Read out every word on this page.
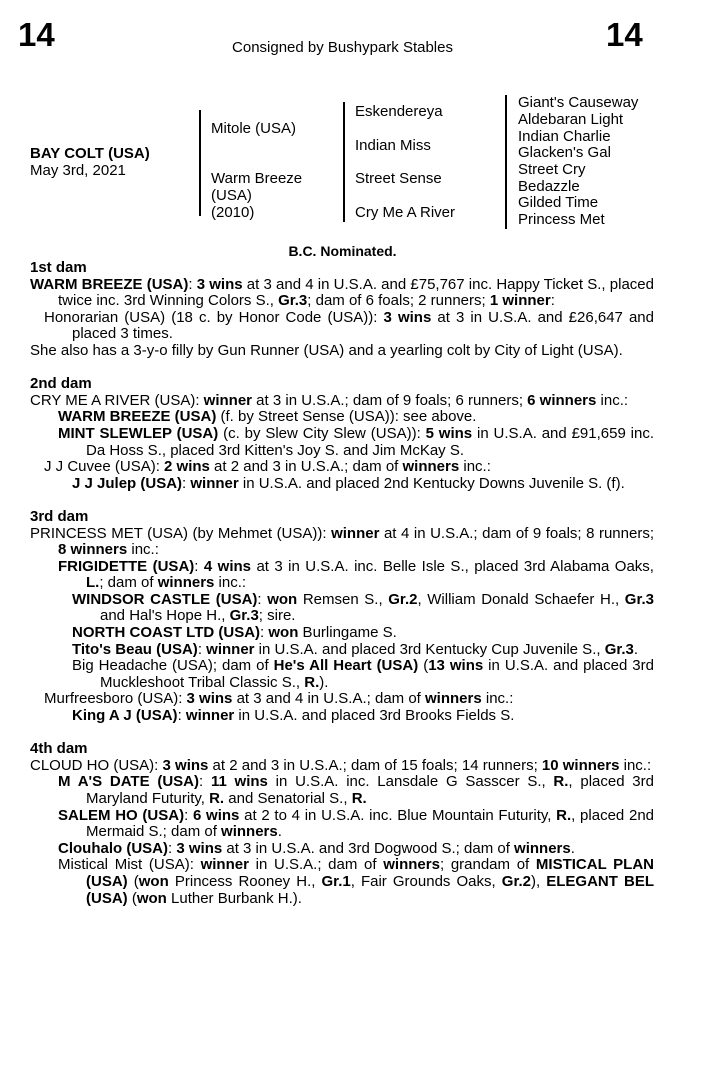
14	Consigned by Bushypark Stables	14
BAY COLT (USA)
May 3rd, 2021
Mitole (USA)
Warm Breeze
(USA)
(2010)
Eskendereya
Indian Miss
Street Sense
Cry Me A River
Giant's Causeway
Aldebaran Light
Indian Charlie
Glacken's Gal
Street Cry
Bedazzle
Gilded Time
Princess Met
B.C. Nominated.
1st dam
WARM BREEZE (USA): 3 wins at 3 and 4 in U.S.A. and £75,767 inc. Happy Ticket S., placed twice inc. 3rd Winning Colors S., Gr.3; dam of 6 foals; 2 runners; 1 winner:
Honorarian (USA) (18 c. by Honor Code (USA)): 3 wins at 3 in U.S.A. and £26,647 and placed 3 times.
She also has a 3-y-o filly by Gun Runner (USA) and a yearling colt by City of Light (USA).
2nd dam
CRY ME A RIVER (USA): winner at 3 in U.S.A.; dam of 9 foals; 6 runners; 6 winners inc.:
WARM BREEZE (USA) (f. by Street Sense (USA)): see above.
MINT SLEWLEP (USA) (c. by Slew City Slew (USA)): 5 wins in U.S.A. and £91,659 inc. Da Hoss S., placed 3rd Kitten's Joy S. and Jim McKay S.
J J Cuvee (USA): 2 wins at 2 and 3 in U.S.A.; dam of winners inc.:
J J Julep (USA): winner in U.S.A. and placed 2nd Kentucky Downs Juvenile S. (f).
3rd dam
PRINCESS MET (USA) (by Mehmet (USA)): winner at 4 in U.S.A.; dam of 9 foals; 8 runners; 8 winners inc.:
FRIGIDETTE (USA): 4 wins at 3 in U.S.A. inc. Belle Isle S., placed 3rd Alabama Oaks, L.; dam of winners inc.:
WINDSOR CASTLE (USA): won Remsen S., Gr.2, William Donald Schaefer H., Gr.3 and Hal's Hope H., Gr.3; sire.
NORTH COAST LTD (USA): won Burlingame S.
Tito's Beau (USA): winner in U.S.A. and placed 3rd Kentucky Cup Juvenile S., Gr.3.
Big Headache (USA); dam of He's All Heart (USA) (13 wins in U.S.A. and placed 3rd Muckleshoot Tribal Classic S., R.).
Murfreesboro (USA): 3 wins at 3 and 4 in U.S.A.; dam of winners inc.:
King A J (USA): winner in U.S.A. and placed 3rd Brooks Fields S.
4th dam
CLOUD HO (USA): 3 wins at 2 and 3 in U.S.A.; dam of 15 foals; 14 runners; 10 winners inc.:
M A'S DATE (USA): 11 wins in U.S.A. inc. Lansdale G Sasscer S., R., placed 3rd Maryland Futurity, R. and Senatorial S., R.
SALEM HO (USA): 6 wins at 2 to 4 in U.S.A. inc. Blue Mountain Futurity, R., placed 2nd Mermaid S.; dam of winners.
Clouhalo (USA): 3 wins at 3 in U.S.A. and 3rd Dogwood S.; dam of winners.
Mistical Mist (USA): winner in U.S.A.; dam of winners; grandam of MISTICAL PLAN (USA) (won Princess Rooney H., Gr.1, Fair Grounds Oaks, Gr.2), ELEGANT BEL (USA) (won Luther Burbank H.).
